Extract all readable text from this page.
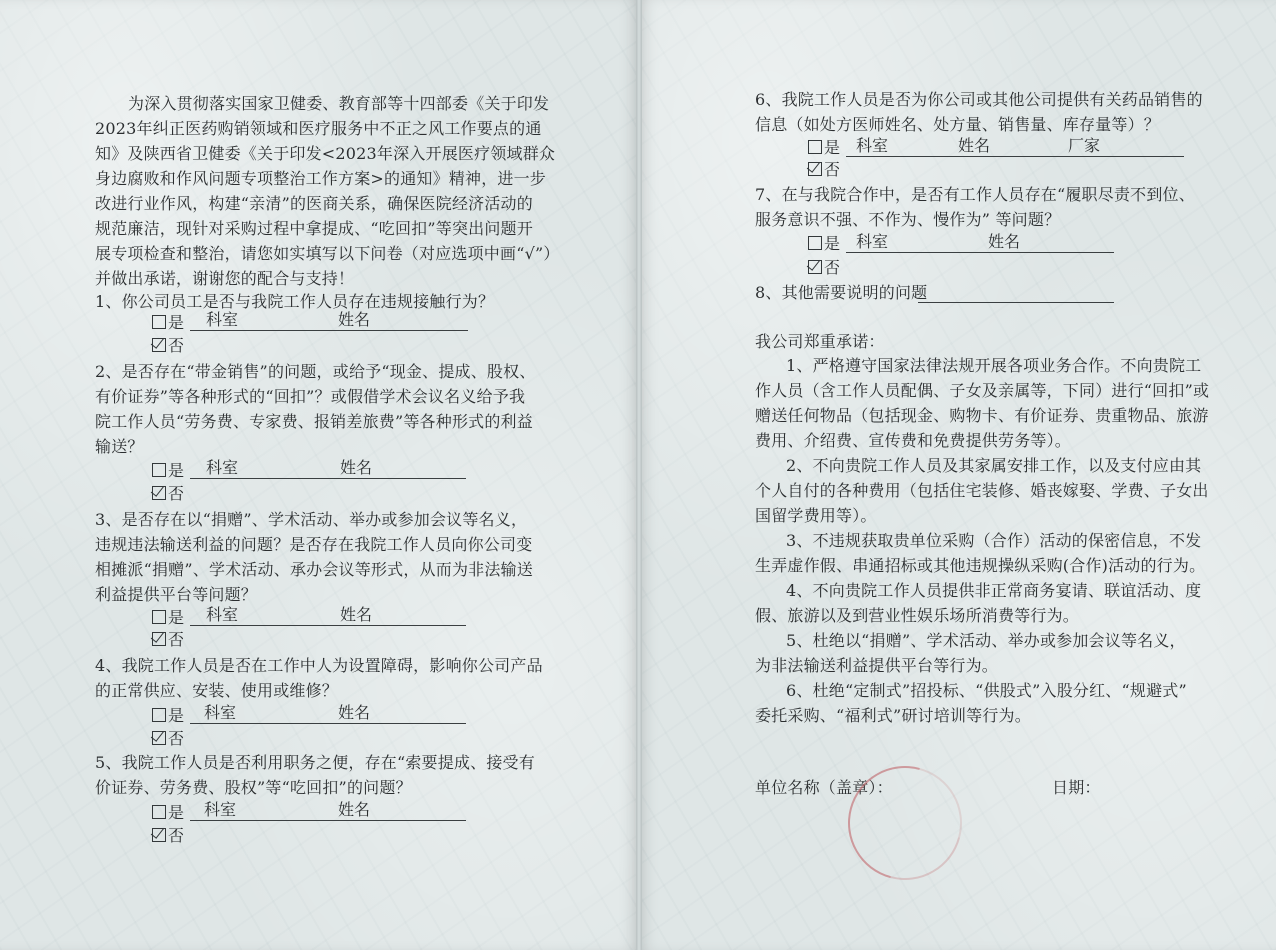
为深入贯彻落实国家卫健委、教育部等十四部委《关于印发
2023年纠正医药购销领域和医疗服务中不正之风工作要点的通
知》及陕西省卫健委《关于印发<2023年深入开展医疗领域群众
身边腐败和作风问题专项整治工作方案>的通知》精神，进一步
改进行业作风，构建“亲清”的医商关系，确保医院经济活动的
规范廉洁，现针对采购过程中拿提成、“吃回扣”等突出问题开
展专项检查和整治，请您如实填写以下问卷（对应选项中画“√”）
并做出承诺，谢谢您的配合与支持！
1、你公司员工是否与我院工作人员存在违规接触行为？
是 科室	姓名
否
2、是否存在“带金销售”的问题，或给予“现金、提成、股权、
有价证券”等各种形式的“回扣”？或假借学术会议名义给予我
院工作人员“劳务费、专家费、报销差旅费”等各种形式的利益
输送？
是 科室	姓名
否
3、是否存在以“捐赠”、学术活动、举办或参加会议等名义，
违规违法输送利益的问题？是否存在我院工作人员向你公司变
相摊派“捐赠”、学术活动、承办会议等形式，从而为非法输送
利益提供平台等问题？
是 科室	姓名
否
4、我院工作人员是否在工作中人为设置障碍，影响你公司产品
的正常供应、安装、使用或维修？
是 科室	姓名
否
5、我院工作人员是否利用职务之便，存在“索要提成、接受有
价证券、劳务费、股权”等“吃回扣”的问题？
是 科室	姓名
否
6、我院工作人员是否为你公司或其他公司提供有关药品销售的
信息（如处方医师姓名、处方量、销售量、库存量等）？
是 科室	姓名	厂家
否
7、在与我院合作中，是否有工作人员存在“履职尽责不到位、
服务意识不强、不作为、慢作为” 等问题？
是 科室	姓名
否
8、其他需要说明的问题
我公司郑重承诺：
1、严格遵守国家法律法规开展各项业务合作。不向贵院工
作人员（含工作人员配偶、子女及亲属等，下同）进行“回扣”或
赠送任何物品（包括现金、购物卡、有价证券、贵重物品、旅游
费用、介绍费、宣传费和免费提供劳务等）。
2、不向贵院工作人员及其家属安排工作，以及支付应由其
个人自付的各种费用（包括住宅装修、婚丧嫁娶、学费、子女出
国留学费用等）。
3、不违规获取贵单位采购（合作）活动的保密信息，不发
生弄虚作假、串通招标或其他违规操纵采购(合作)活动的行为。
4、不向贵院工作人员提供非正常商务宴请、联谊活动、度
假、旅游以及到营业性娱乐场所消费等行为。
5、杜绝以“捐赠”、学术活动、举办或参加会议等名义，
为非法输送利益提供平台等行为。
6、杜绝“定制式”招投标、“供股式”入股分红、“规避式”
委托采购、“福利式”研讨培训等行为。
单位名称（盖章）：	日期：
